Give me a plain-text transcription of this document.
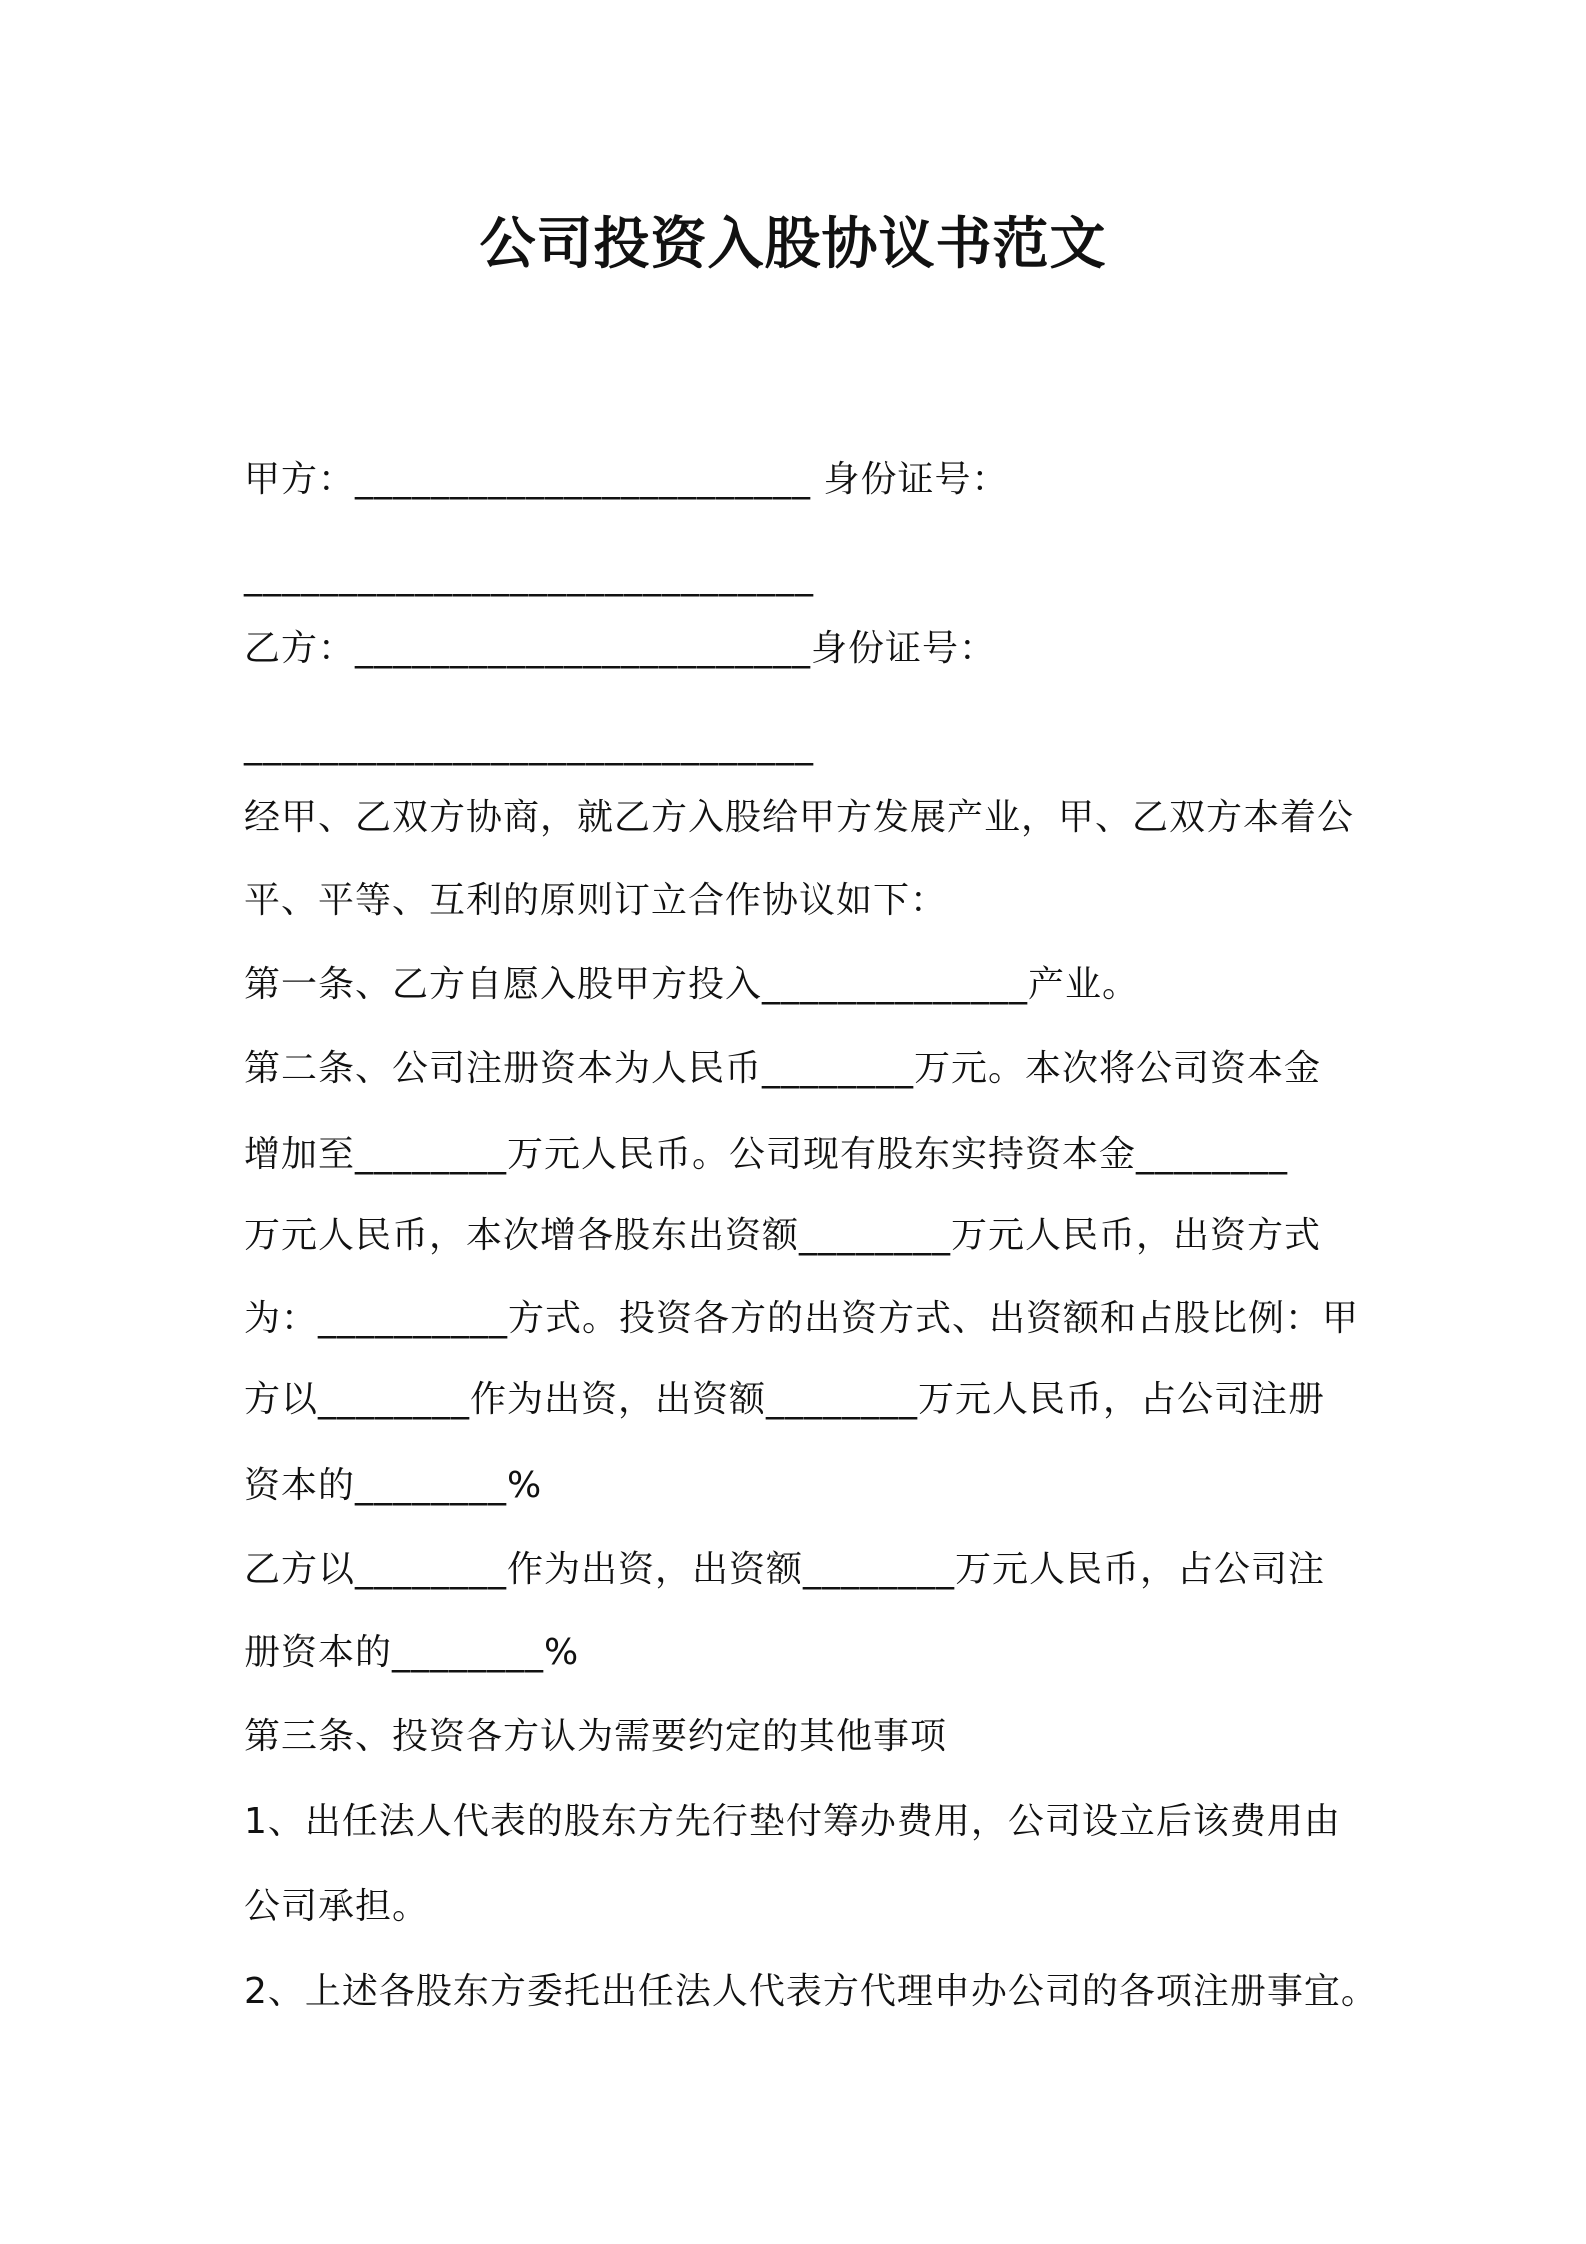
公司投资入股协议书范文
甲方：________________________ 身份证号：
______________________________
乙方：________________________身份证号：
______________________________
经甲、乙双方协商，就乙方入股给甲方发展产业，甲、乙双方本着公
平、平等、互利的原则订立合作协议如下：
第一条、乙方自愿入股甲方投入______________产业。
第二条、公司注册资本为人民币________万元。本次将公司资本金
增加至________万元人民币。公司现有股东实持资本金________
万元人民币，本次增各股东出资额________万元人民币，出资方式
为：__________方式。投资各方的出资方式、出资额和占股比例：甲
方以________作为出资，出资额________万元人民币，占公司注册
资本的________%
乙方以________作为出资，出资额________万元人民币，占公司注
册资本的________%
第三条、投资各方认为需要约定的其他事项
1、出任法人代表的股东方先行垫付筹办费用，公司设立后该费用由
公司承担。
2、上述各股东方委托出任法人代表方代理申办公司的各项注册事宜。
